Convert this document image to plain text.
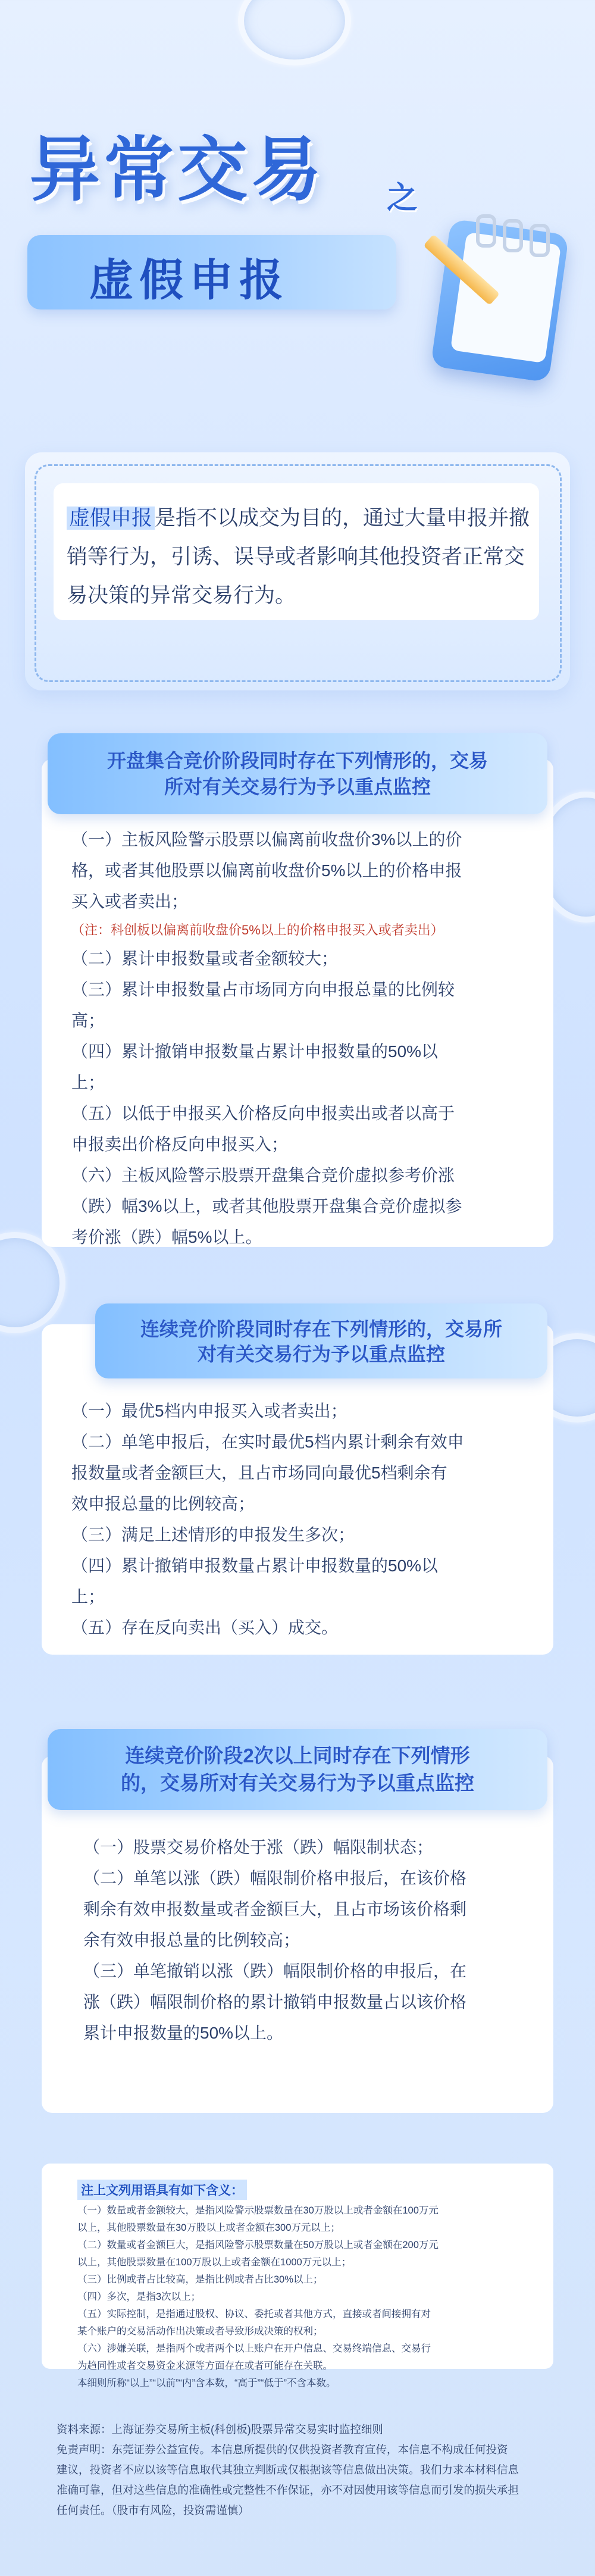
异常交易 之
虚假申报
虚假申报 是指不以成交为目的，通过大量申报并撤销等行为，引诱、误导或者影响其他投资者正常交易决策的异常交易行为。
开盘集合竞价阶段同时存在下列情形的，交易
所对有关交易行为予以重点监控
（一）主板风险警示股票以偏离前收盘价3%以上的价
格，或者其他股票以偏离前收盘价5%以上的价格申报
买入或者卖出；
（注：科创板以偏离前收盘价5%以上的价格申报买入或者卖出）
（二）累计申报数量或者金额较大；
（三）累计申报数量占市场同方向申报总量的比例较
高；
（四）累计撤销申报数量占累计申报数量的50%以
上；
（五）以低于申报买入价格反向申报卖出或者以高于
申报卖出价格反向申报买入；
（六）主板风险警示股票开盘集合竞价虚拟参考价涨
（跌）幅3%以上，或者其他股票开盘集合竞价虚拟参
考价涨（跌）幅5%以上。
连续竞价阶段同时存在下列情形的，交易所
对有关交易行为予以重点监控
（一）最优5档内申报买入或者卖出；
（二）单笔申报后，在实时最优5档内累计剩余有效申
报数量或者金额巨大，且占市场同向最优5档剩余有
效申报总量的比例较高；
（三）满足上述情形的申报发生多次；
（四）累计撤销申报数量占累计申报数量的50%以
上；
（五）存在反向卖出（买入）成交。
连续竞价阶段2次以上同时存在下列情形
的，交易所对有关交易行为予以重点监控
（一）股票交易价格处于涨（跌）幅限制状态；
（二）单笔以涨（跌）幅限制价格申报后，在该价格
剩余有效申报数量或者金额巨大，且占市场该价格剩
余有效申报总量的比例较高；
（三）单笔撤销以涨（跌）幅限制价格的申报后，在
涨（跌）幅限制价格的累计撤销申报数量占以该价格
累计申报数量的50%以上。
注上文列用语具有如下含义：
（一）数量或者金额较大，是指风险警示股票数量在30万股以上或者金额在100万元
以上，其他股票数量在30万股以上或者金额在300万元以上；
（二）数量或者金额巨大，是指风险警示股票数量在50万股以上或者金额在200万元
以上，其他股票数量在100万股以上或者金额在1000万元以上；
（三）比例或者占比较高，是指比例或者占比30%以上；
（四）多次，是指3次以上；
（五）实际控制，是指通过股权、协议、委托或者其他方式，直接或者间接拥有对
某个账户的交易活动作出决策或者导致形成决策的权利；
（六）涉嫌关联，是指两个或者两个以上账户在开户信息、交易终端信息、交易行
为趋同性或者交易资金来源等方面存在或者可能存在关联。
本细则所称“以上”“以前”“内”含本数，“高于”“低于”不含本数。
资料来源：上海证券交易所主板(科创板)股票异常交易实时监控细则
免责声明：东莞证券公益宣传。本信息所提供的仅供投资者教育宣传，本信息不构成任何投资
建议，投资者不应以该等信息取代其独立判断或仅根据该等信息做出决策。我们力求本材料信息
准确可靠，但对这些信息的准确性或完整性不作保证，亦不对因使用该等信息而引发的损失承担
任何责任。（股市有风险，投资需谨慎）
